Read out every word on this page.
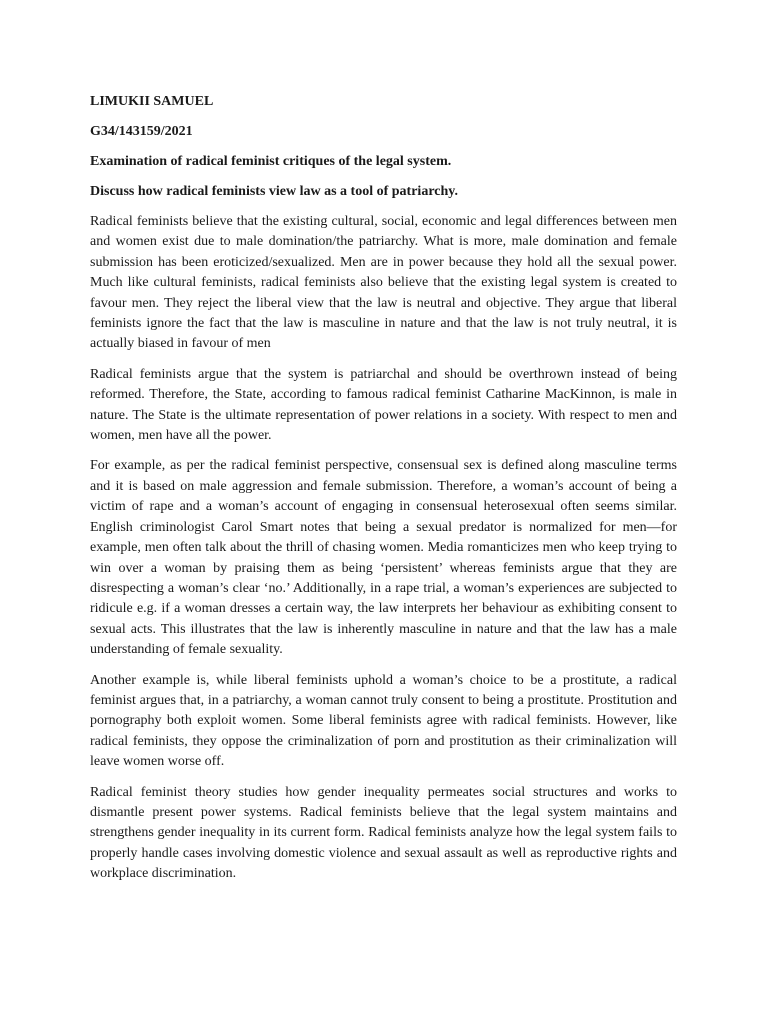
LIMUKII SAMUEL

G34/143159/2021

Examination of radical feminist critiques of the legal system.

Discuss how radical feminists view law as a tool of patriarchy.

Radical feminists believe that the existing cultural, social, economic and legal differences between men and women exist due to male domination/the patriarchy. What is more, male domination and female submission has been eroticized/sexualized. Men are in power because they hold all the sexual power. Much like cultural feminists, radical feminists also believe that the existing legal system is created to favour men. They reject the liberal view that the law is neutral and objective. They argue that liberal feminists ignore the fact that the law is masculine in nature and that the law is not truly neutral, it is actually biased in favour of men

Radical feminists argue that the system is patriarchal and should be overthrown instead of being reformed. Therefore, the State, according to famous radical feminist Catharine MacKinnon, is male in nature. The State is the ultimate representation of power relations in a society. With respect to men and women, men have all the power.

For example, as per the radical feminist perspective, consensual sex is defined along masculine terms and it is based on male aggression and female submission. Therefore, a woman’s account of being a victim of rape and a woman’s account of engaging in consensual heterosexual often seems similar. English criminologist Carol Smart notes that being a sexual predator is normalized for men—for example, men often talk about the thrill of chasing women. Media romanticizes men who keep trying to win over a woman by praising them as being ‘persistent’ whereas feminists argue that they are disrespecting a woman’s clear ‘no.’ Additionally, in a rape trial, a woman’s experiences are subjected to ridicule e.g. if a woman dresses a certain way, the law interprets her behaviour as exhibiting consent to sexual acts. This illustrates that the law is inherently masculine in nature and that the law has a male understanding of female sexuality.

Another example is, while liberal feminists uphold a woman’s choice to be a prostitute, a radical feminist argues that, in a patriarchy, a woman cannot truly consent to being a prostitute. Prostitution and pornography both exploit women. Some liberal feminists agree with radical feminists. However, like radical feminists, they oppose the criminalization of porn and prostitution as their criminalization will leave women worse off.

Radical feminist theory studies how gender inequality permeates social structures and works to dismantle present power systems. Radical feminists believe that the legal system maintains and strengthens gender inequality in its current form. Radical feminists analyze how the legal system fails to properly handle cases involving domestic violence and sexual assault as well as reproductive rights and workplace discrimination.
